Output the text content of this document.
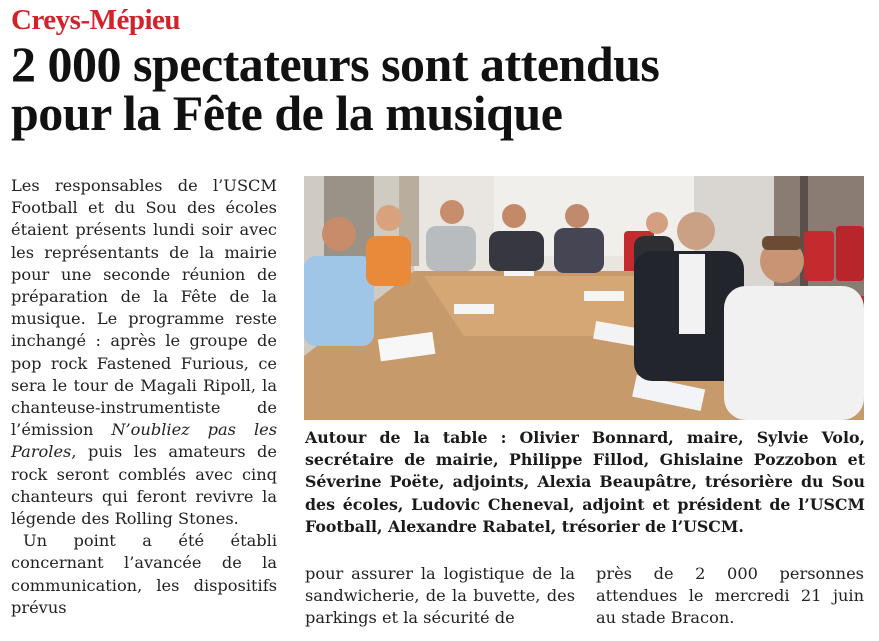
Creys-Mépieu
2 000 spectateurs sont attendus
pour la Fête de la musique

Les responsables de l’USCM Football et du Sou des écoles étaient présents lundi soir avec les représentants de la mairie pour une seconde réunion de préparation de la Fête de la musique. Le programme reste inchangé : après le groupe de pop rock Fastened Furious, ce sera le tour de Magali Ripoll, la chanteuse-instrumentiste de l’émission N’oubliez pas les Paroles, puis les amateurs de rock seront comblés avec cinq chanteurs qui feront revivre la légende des Rolling Stones.

Un point a été établi concernant l’avancée de la communication, les dispositifs prévus

Autour de la table : Olivier Bonnard, maire, Sylvie Volo, secrétaire de mairie, Philippe Fillod, Ghislaine Pozzobon et Séverine Poëte, adjoints, Alexia Beaupâtre, trésorière du Sou des écoles, Ludovic Cheneval, adjoint et président de l’USCM Football, Alexandre Rabatel, trésorier de l’USCM.
pour assurer la logistique de la sandwicherie, de la buvette, des parkings et la sécurité de
près de 2 000 personnes attendues le mercredi 21 juin au stade Bracon.
